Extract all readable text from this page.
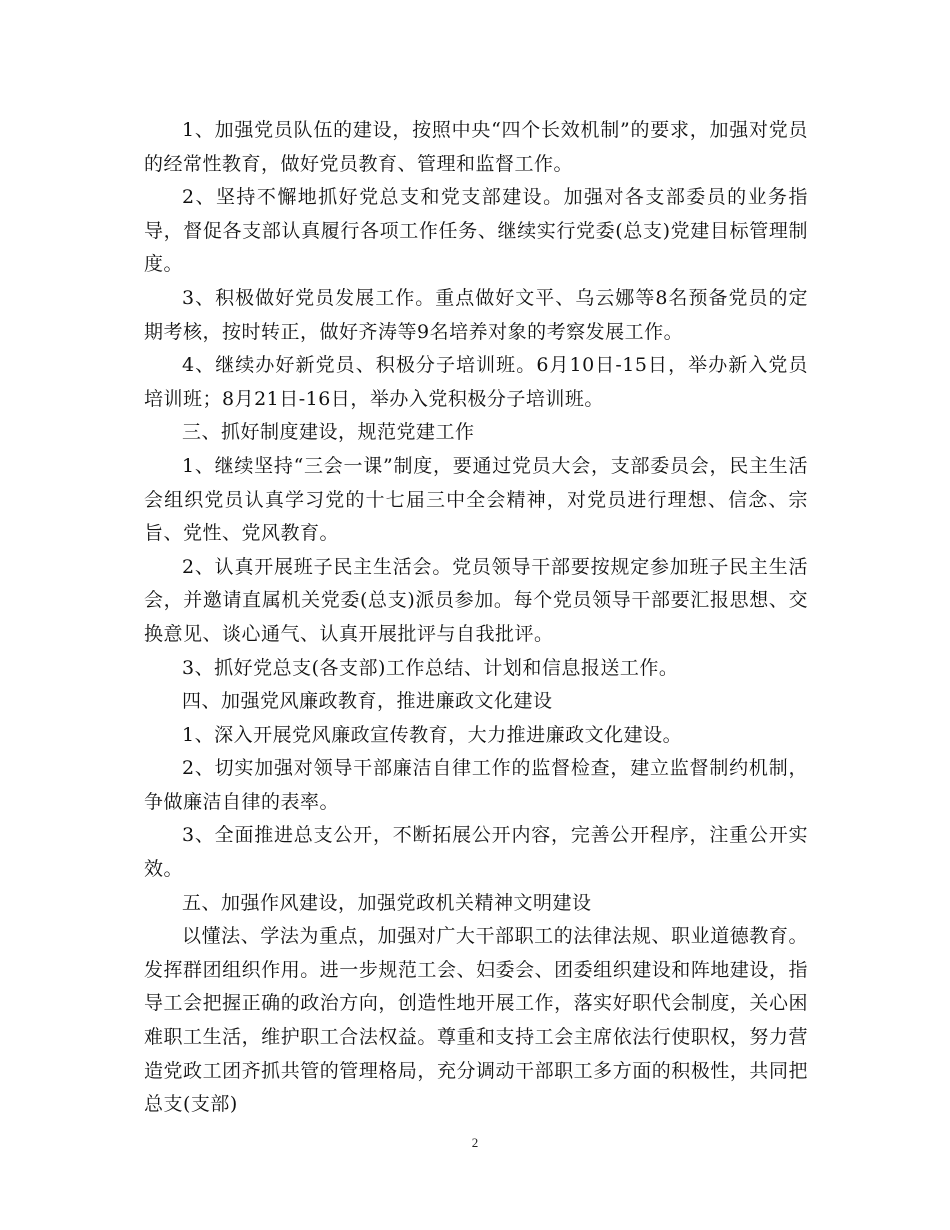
1、加强党员队伍的建设，按照中央“四个长效机制”的要求，加强对党员的经常性教育，做好党员教育、管理和监督工作。

2、坚持不懈地抓好党总支和党支部建设。加强对各支部委员的业务指导，督促各支部认真履行各项工作任务、继续实行党委(总支)党建目标管理制度。

3、积极做好党员发展工作。重点做好文平、乌云娜等8名预备党员的定期考核，按时转正，做好齐涛等9名培养对象的考察发展工作。

4、继续办好新党员、积极分子培训班。6月10日-15日，举办新入党员培训班；8月21日-16日，举办入党积极分子培训班。

三、抓好制度建设，规范党建工作

1、继续坚持“三会一课”制度，要通过党员大会，支部委员会，民主生活会组织党员认真学习党的十七届三中全会精神，对党员进行理想、信念、宗旨、党性、党风教育。

2、认真开展班子民主生活会。党员领导干部要按规定参加班子民主生活会，并邀请直属机关党委(总支)派员参加。每个党员领导干部要汇报思想、交换意见、谈心通气、认真开展批评与自我批评。

3、抓好党总支(各支部)工作总结、计划和信息报送工作。

四、加强党风廉政教育，推进廉政文化建设

1、深入开展党风廉政宣传教育，大力推进廉政文化建设。

2、切实加强对领导干部廉洁自律工作的监督检查，建立监督制约机制，争做廉洁自律的表率。

3、全面推进总支公开，不断拓展公开内容，完善公开程序，注重公开实效。

五、加强作风建设，加强党政机关精神文明建设

以懂法、学法为重点，加强对广大干部职工的法律法规、职业道德教育。发挥群团组织作用。进一步规范工会、妇委会、团委组织建设和阵地建设，指导工会把握正确的政治方向，创造性地开展工作，落实好职代会制度，关心困难职工生活，维护职工合法权益。尊重和支持工会主席依法行使职权，努力营造党政工团齐抓共管的管理格局，充分调动干部职工多方面的积极性，共同把总支(支部)

2
